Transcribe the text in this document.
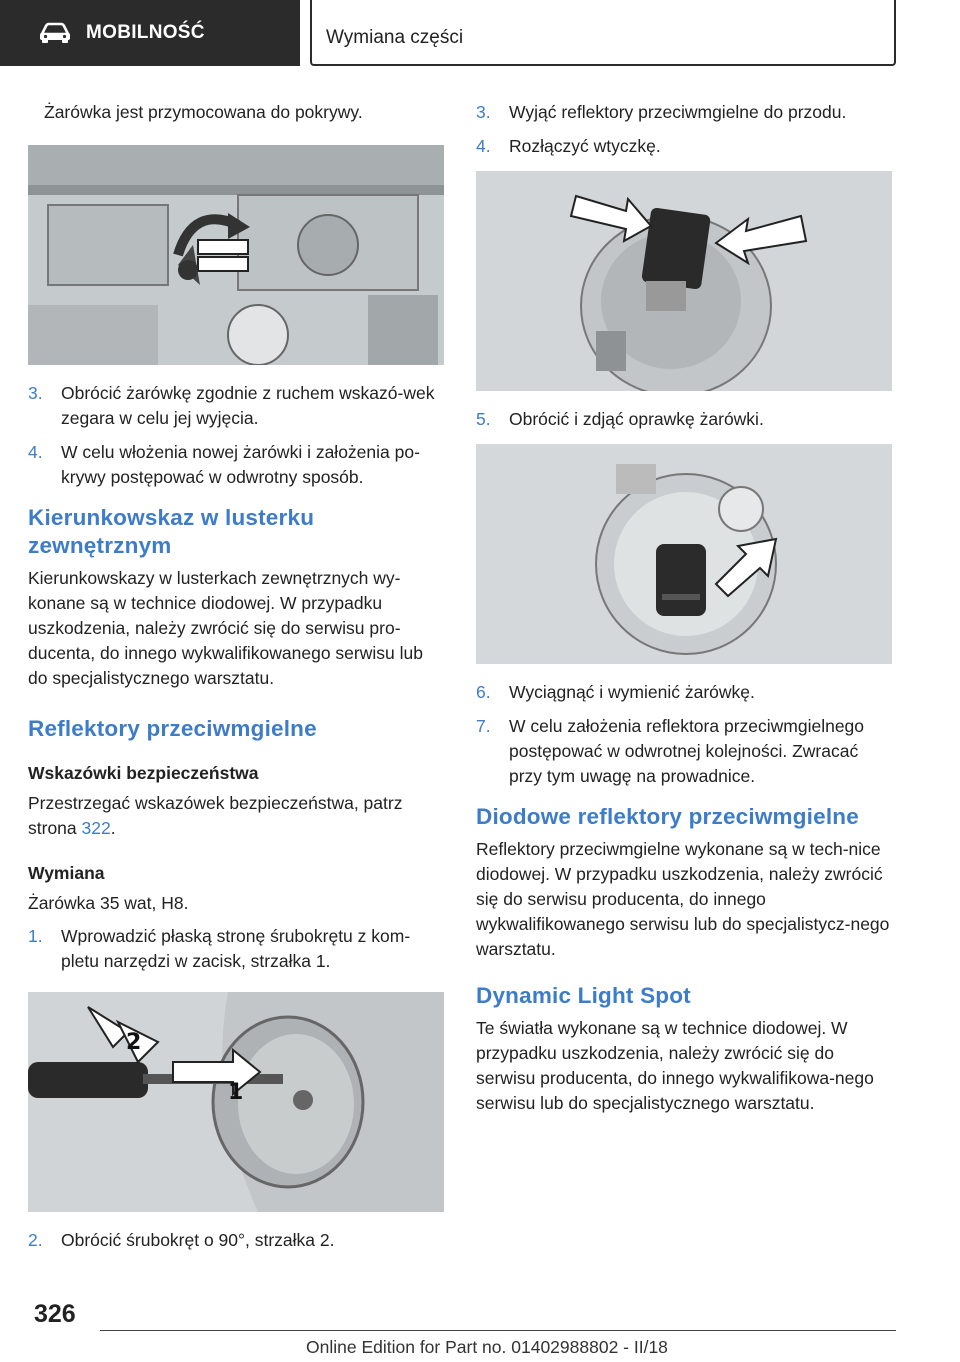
MOBILNOŚĆ	Wymiana części

Żarówka jest przymocowana do pokrywy.

3. Obrócić żarówkę zgodnie z ruchem wskazó-wek zegara w celu jej wyjęcia.
4. W celu włożenia nowej żarówki i założenia po-krywy postępować w odwrotny sposób.
Kierunkowskaz w lusterku zewnętrznym

Kierunkowskazy w lusterkach zewnętrznych wy-konane są w technice diodowej. W przypadku uszkodzenia, należy zwrócić się do serwisu pro-ducenta, do innego wykwalifikowanego serwisu lub do specjalistycznego warsztatu.

Reflektory przeciwmgielne
Wskazówki bezpieczeństwa

Przestrzegać wskazówek bezpieczeństwa, patrz strona 322.

Wymiana

Żarówka 35 wat, H8.

1. Wprowadzić płaską stronę śrubokrętu z kom-pletu narzędzi w zacisk, strzałka 1.
2
1
2. Obrócić śrubokręt o 90°, strzałka 2.
3. Wyjąć reflektory przeciwmgielne do przodu.
4. Rozłączyć wtyczkę.
5. Obrócić i zdjąć oprawkę żarówki.
6. Wyciągnąć i wymienić żarówkę.
7. W celu założenia reflektora przeciwmgielnego postępować w odwrotnej kolejności. Zwracać przy tym uwagę na prowadnice.
Diodowe reflektory przeciwmgielne

Reflektory przeciwmgielne wykonane są w tech-nice diodowej. W przypadku uszkodzenia, należy zwrócić się do serwisu producenta, do innego wykwalifikowanego serwisu lub do specjalistycz-nego warsztatu.

Dynamic Light Spot

Te światła wykonane są w technice diodowej. W przypadku uszkodzenia, należy zwrócić się do serwisu producenta, do innego wykwalifikowa-nego serwisu lub do specjalistycznego warsztatu.

326
Online Edition for Part no. 01402988802 - II/18
